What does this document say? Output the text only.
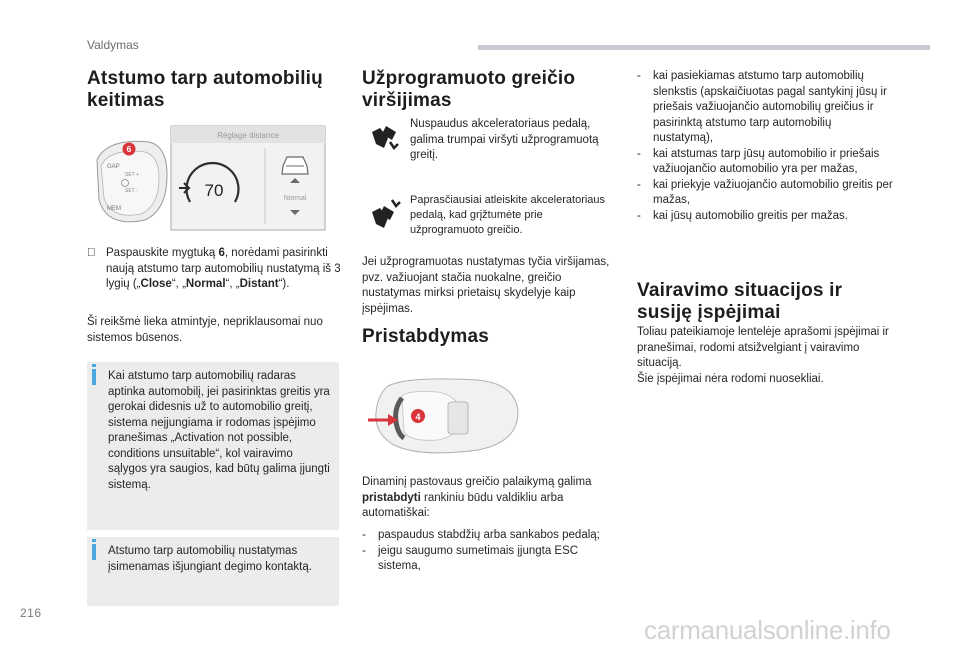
Valdymas
Atstumo tarp automobilių keitimas
GAP
SET +
SET -
MEM
6
Réglage distance
70	Normal
Paspauskite mygtuką 6, norėdami pasirinkti naują atstumo tarp automobilių nustatymą iš 3 lygių („Close“, „Normal“, „Distant“).
Ši reikšmė lieka atmintyje, nepriklausomai nuo sistemos būsenos.
Kai atstumo tarp automobilių radaras aptinka automobilį, jei pasirinktas greitis yra gerokai didesnis už to automobilio greitį, sistema neįjungiama ir rodomas įspėjimo pranešimas „Activation not possible, conditions unsuitable“, kol vairavimo sąlygos yra saugios, kad būtų galima įjungti sistemą.
Atstumo tarp automobilių nustatymas įsimenamas išjungiant degimo kontaktą.
Užprogramuoto greičio viršijimas
Nuspaudus akceleratoriaus pedalą, galima trumpai viršyti užprogramuotą greitį.
Paprasčiausiai atleiskite akceleratoriaus pedalą, kad grįžtumėte prie užprogramuoto greičio.
Jei užprogramuotas nustatymas tyčia viršijamas, pvz. važiuojant stačia nuokalne, greičio nustatymas mirksi prietaisų skydelyje kaip įspėjimas.
Pristabdymas
4
Dinaminį pastovaus greičio palaikymą galima pristabdyti rankiniu būdu valdikliu arba automatiškai:
- paspaudus stabdžių arba sankabos pedalą;
- jeigu saugumo sumetimais įjungta ESC sistema,
- kai pasiekiamas atstumo tarp automobilių slenkstis (apskaičiuotas pagal santykinį jūsų ir priešais važiuojančio automobilių greičius ir pasirinktą atstumo tarp automobilių nustatymą),
- kai atstumas tarp jūsų automobilio ir priešais važiuojančio automobilio yra per mažas,
- kai priekyje važiuojančio automobilio greitis per mažas,
- kai jūsų automobilio greitis per mažas.
Vairavimo situacijos ir susiję įspėjimai
Toliau pateikiamoje lentelėje aprašomi įspėjimai ir pranešimai, rodomi atsižvelgiant į vairavimo situaciją.
Šie įspėjimai nėra rodomi nuosekliai.
216
carmanualsonline.info
